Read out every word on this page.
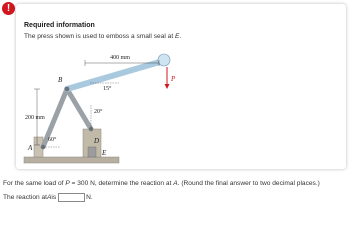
!
Required information
The press shown is used to emboss a small seal at E.
400 mm
200 mm
15°
20°
60°
A
B
D
E
P
For the same load of P = 300 N, determine the reaction at A. (Round the final answer to two decimal places.)
The reaction at A is	N.
